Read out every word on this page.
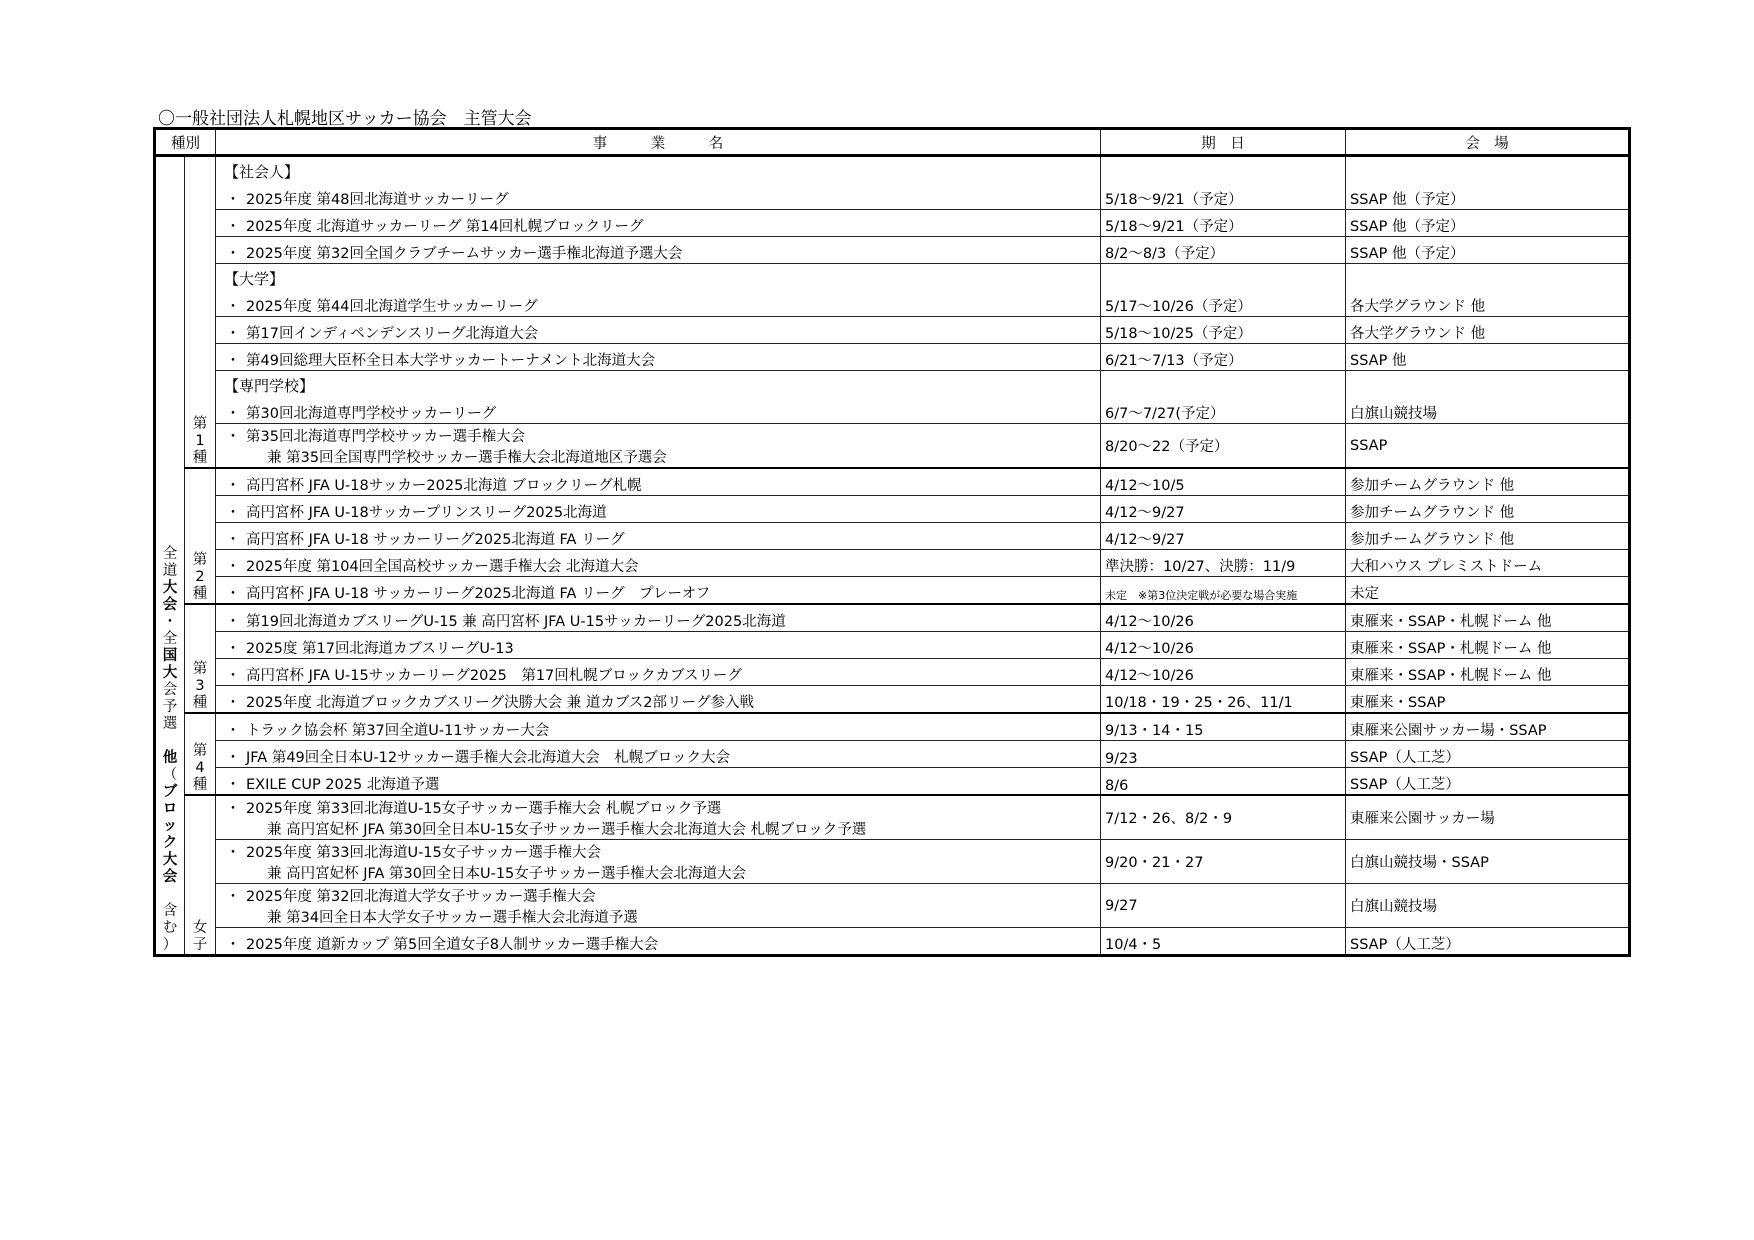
〇一般社団法人札幌地区サッカー協会　主管大会
種別		事　　　業　　　名	期　日	会　場

全
道
大
会
・
全
国
大
会
予
選

他
（
ブ
ロ
ッ
ク
大
会

含
む
）

第
1
種

【社会人】
・ 2025年度 第48回北海道サッカーリーグ	5/18～9/21（予定）	SSAP 他（予定）
		・ 2025年度 北海道サッカーリーグ 第14回札幌ブロックリーグ	5/18～9/21（予定）	SSAP 他（予定）
		・ 2025年度 第32回全国クラブチームサッカー選手権北海道予選大会	8/2～8/3（予定）	SSAP 他（予定）

		【大学】
・ 2025年度 第44回北海道学生サッカーリーグ	5/17～10/26（予定）	各大学グラウンド 他
		・ 第17回インディペンデンスリーグ北海道大会	5/18～10/25（予定）	各大学グラウンド 他
		・ 第49回総理大臣杯全日本大学サッカートーナメント北海道大会	6/21～7/13（予定）	SSAP 他

		【専門学校】
・ 第30回北海道専門学校サッカーリーグ	6/7～7/27(予定）	白旗山競技場
		・ 第35回北海道専門学校サッカー選手権大会
兼 第35回全国専門学校サッカー選手権大会北海道地区予選会	8/20～22（予定）	SSAP

	第
2
種	・ 高円宮杯 JFA U-18サッカー2025北海道 ブロックリーグ札幌	4/12～10/5	参加チームグラウンド 他
		・ 高円宮杯 JFA U-18サッカープリンスリーグ2025北海道	4/12～9/27	参加チームグラウンド 他
		・ 高円宮杯 JFA U-18 サッカーリーグ2025北海道 FA リーグ	4/12～9/27	参加チームグラウンド 他
		・ 2025年度 第104回全国高校サッカー選手権大会 北海道大会	準決勝：10/27、決勝：11/9	大和ハウス プレミストドーム
		・ 高円宮杯 JFA U-18 サッカーリーグ2025北海道 FA リーグ　プレーオフ	未定　※第3位決定戦が必要な場合実施	未定

	第
3
種	・ 第19回北海道カブスリーグU-15 兼 高円宮杯 JFA U-15サッカーリーグ2025北海道	4/12～10/26	東雁来・SSAP・札幌ドーム 他
		・ 2025度 第17回北海道カブスリーグU-13	4/12～10/26	東雁来・SSAP・札幌ドーム 他
		・ 高円宮杯 JFA U-15サッカーリーグ2025　第17回札幌ブロックカブスリーグ	4/12～10/26	東雁来・SSAP・札幌ドーム 他
		・ 2025年度 北海道ブロックカブスリーグ決勝大会 兼 道カブス2部リーグ参入戦	10/18・19・25・26、11/1	東雁来・SSAP

	第
4
種	・ トラック協会杯 第37回全道U-11サッカー大会	9/13・14・15	東雁来公園サッカー場・SSAP
		・ JFA 第49回全日本U-12サッカー選手権大会北海道大会　札幌ブロック大会	9/23	SSAP（人工芝）
		・ EXILE CUP 2025 北海道予選	8/6	SSAP（人工芝）

	女
子	・ 2025年度 第33回北海道U-15女子サッカー選手権大会 札幌ブロック予選
兼 高円宮妃杯 JFA 第30回全日本U-15女子サッカー選手権大会北海道大会 札幌ブロック予選	7/12・26、8/2・9	東雁来公園サッカー場
		・ 2025年度 第33回北海道U-15女子サッカー選手権大会
兼 高円宮妃杯 JFA 第30回全日本U-15女子サッカー選手権大会北海道大会	9/20・21・27	白旗山競技場・SSAP
		・ 2025年度 第32回北海道大学女子サッカー選手権大会
兼 第34回全日本大学女子サッカー選手権大会北海道予選	9/27	白旗山競技場
		・ 2025年度 道新カップ 第5回全道女子8人制サッカー選手権大会	10/4・5	SSAP（人工芝）
